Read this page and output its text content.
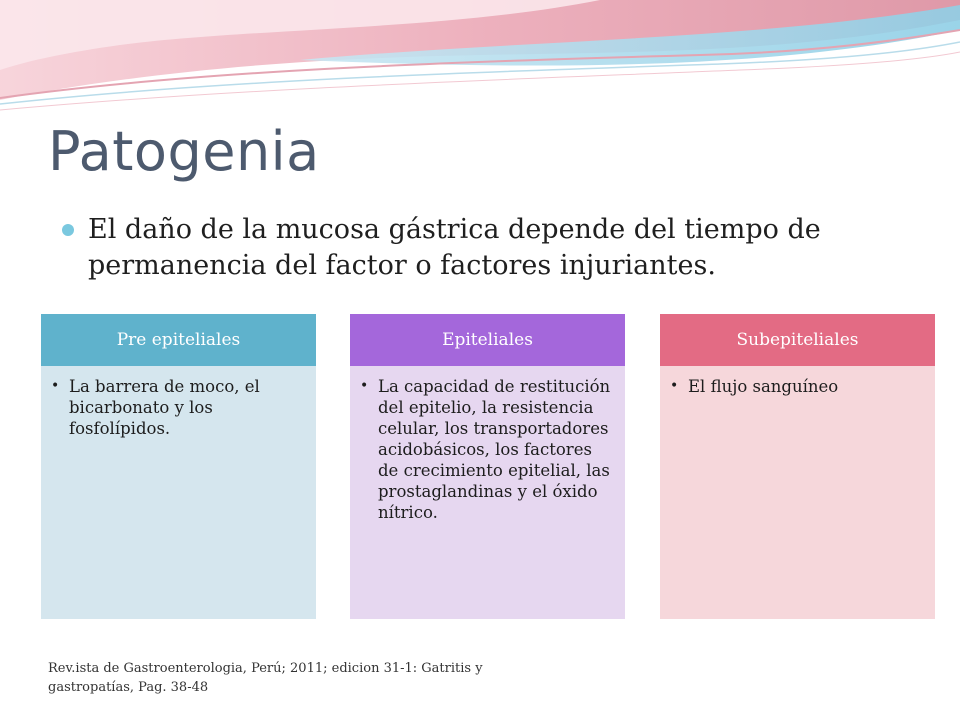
Patogenia
El daño de la mucosa gástrica depende del tiempo de permanencia del factor o factores injuriantes.
Pre epiteliales
• La barrera de moco, el bicarbonato y los fosfolípidos.
Epiteliales
• La capacidad de restitución del epitelio, la resistencia celular, los transportadores acidobásicos, los factores de crecimiento epitelial, las prostaglandinas y el óxido nítrico.
Subepiteliales
• El flujo sanguíneo
Rev.ista de Gastroenterologia, Perú; 2011; edicion 31-1: Gatritis y gastropatías, Pag. 38-48
